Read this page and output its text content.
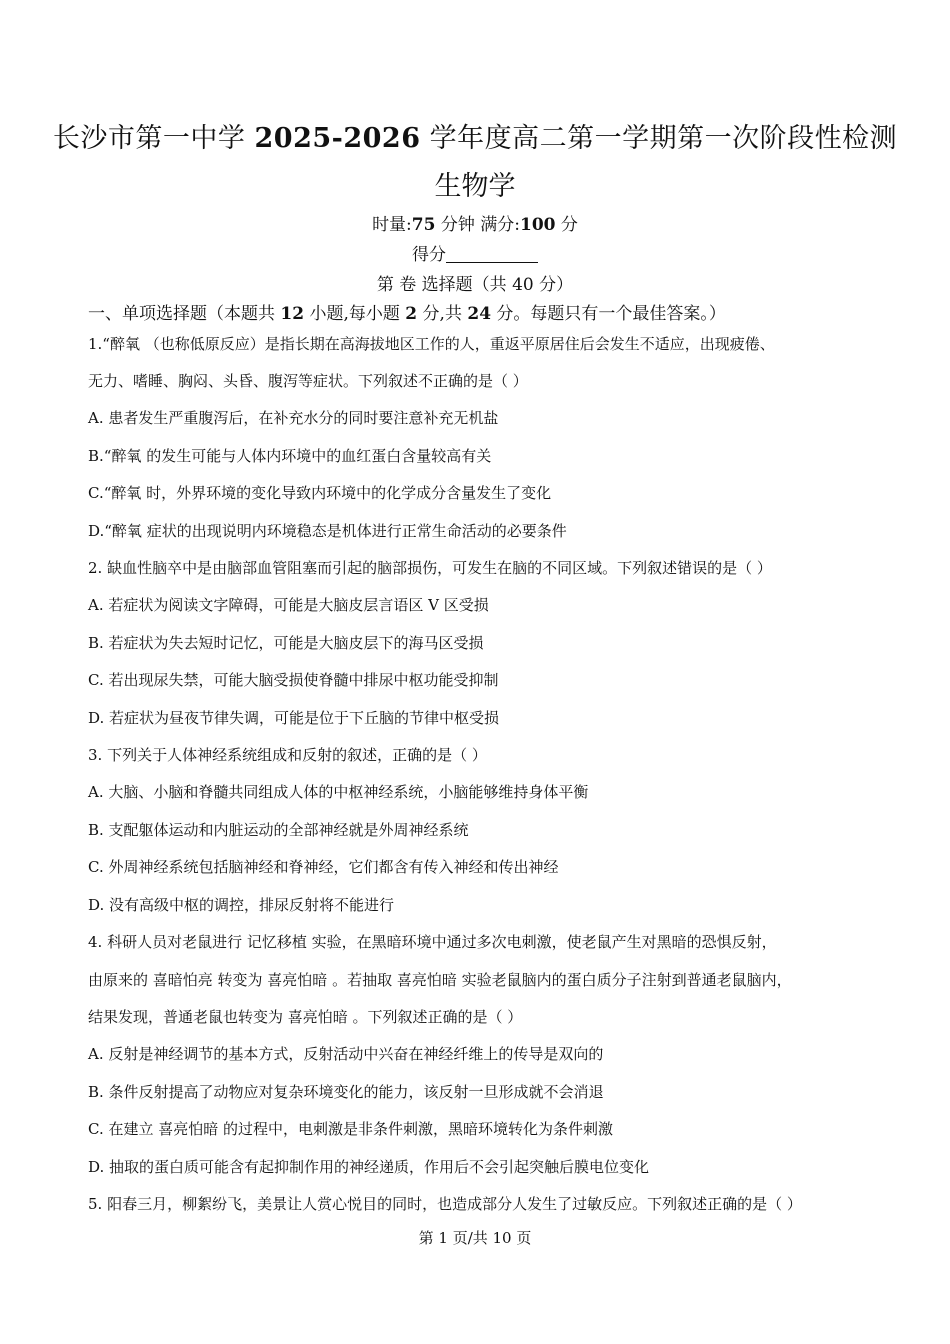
长沙市第一中学 2025-2026 学年度高二第一学期第一次阶段性检测
生物学
时量:75 分钟 满分:100 分
得分
第 卷 选择题（共 40 分）
一、单项选择题（本题共 12 小题,每小题 2 分,共 24 分。每题只有一个最佳答案。）
1.“醉氧 （也称低原反应）是指长期在高海拔地区工作的人，重返平原居住后会发生不适应，出现疲倦、
无力、嗜睡、胸闷、头昏、腹泻等症状。下列叙述不正确的是（ ）
A. 患者发生严重腹泻后，在补充水分的同时要注意补充无机盐
B.“醉氧 的发生可能与人体内环境中的血红蛋白含量较高有关
C.“醉氧 时，外界环境的变化导致内环境中的化学成分含量发生了变化
D.“醉氧 症状的出现说明内环境稳态是机体进行正常生命活动的必要条件
2. 缺血性脑卒中是由脑部血管阻塞而引起的脑部损伤，可发生在脑的不同区域。下列叙述错误的是（ ）
A. 若症状为阅读文字障碍，可能是大脑皮层言语区 V 区受损
B. 若症状为失去短时记忆，可能是大脑皮层下的海马区受损
C. 若出现尿失禁，可能大脑受损使脊髓中排尿中枢功能受抑制
D. 若症状为昼夜节律失调，可能是位于下丘脑的节律中枢受损
3. 下列关于人体神经系统组成和反射的叙述，正确的是（ ）
A. 大脑、小脑和脊髓共同组成人体的中枢神经系统，小脑能够维持身体平衡
B. 支配躯体运动和内脏运动的全部神经就是外周神经系统
C. 外周神经系统包括脑神经和脊神经，它们都含有传入神经和传出神经
D. 没有高级中枢的调控，排尿反射将不能进行
4. 科研人员对老鼠进行 记忆移植 实验，在黑暗环境中通过多次电刺激，使老鼠产生对黑暗的恐惧反射，
由原来的 喜暗怕亮 转变为 喜亮怕暗 。若抽取 喜亮怕暗 实验老鼠脑内的蛋白质分子注射到普通老鼠脑内，
结果发现，普通老鼠也转变为 喜亮怕暗 。下列叙述正确的是（ ）
A. 反射是神经调节的基本方式，反射活动中兴奋在神经纤维上的传导是双向的
B. 条件反射提高了动物应对复杂环境变化的能力，该反射一旦形成就不会消退
C. 在建立 喜亮怕暗 的过程中，电刺激是非条件刺激，黑暗环境转化为条件刺激
D. 抽取的蛋白质可能含有起抑制作用的神经递质，作用后不会引起突触后膜电位变化
5. 阳春三月，柳絮纷飞，美景让人赏心悦目的同时，也造成部分人发生了过敏反应。下列叙述正确的是（ ）
第 1 页/共 10 页
